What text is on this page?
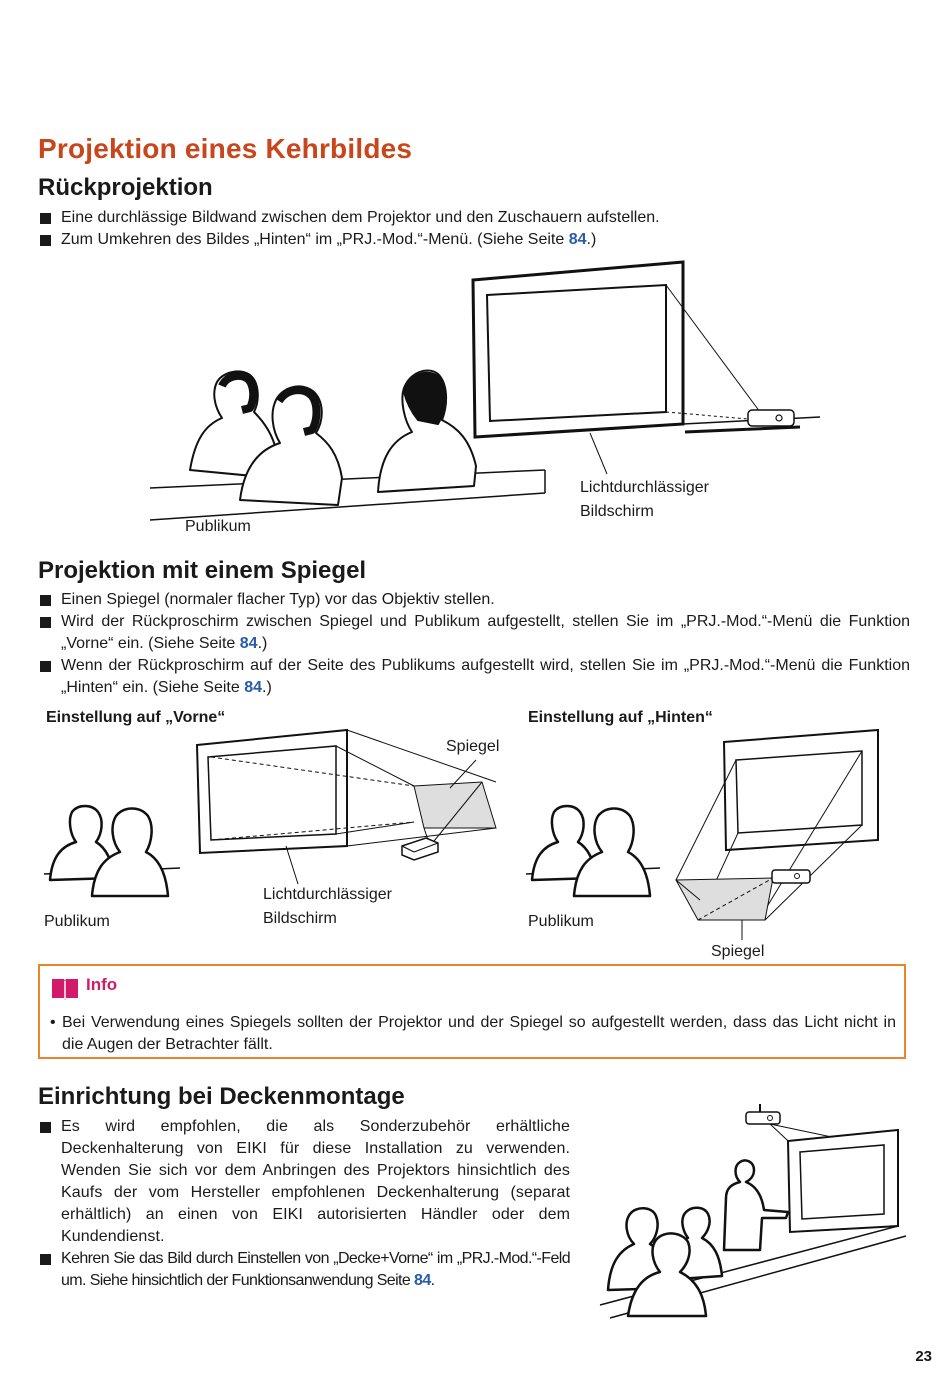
Projektion eines Kehrbildes
Rückprojektion
Eine durchlässige Bildwand zwischen dem Projektor und den Zuschauern aufstellen.
Zum Umkehren des Bildes „Hinten“ im „PRJ.-Mod.“-Menü. (Siehe Seite 84.)
Publikum
Lichtdurchlässiger
Bildschirm
Projektion mit einem Spiegel
Einen Spiegel (normaler flacher Typ) vor das Objektiv stellen.
Wird der Rückproschirm zwischen Spiegel und Publikum aufgestellt, stellen Sie im „PRJ.-Mod.“-Menü die Funktion „Vorne“ ein. (Siehe Seite 84.)
Wenn der Rückproschirm auf der Seite des Publikums aufgestellt wird, stellen Sie im „PRJ.-Mod.“-Menü die Funktion „Hinten“ ein. (Siehe Seite 84.)
Einstellung auf „Vorne“	Einstellung auf „Hinten“
Spiegel
Lichtdurchlässiger
Bildschirm
Publikum	Publikum
Spiegel
Info
• Bei Verwendung eines Spiegels sollten der Projektor und der Spiegel so aufgestellt werden, dass das Licht nicht in die Augen der Betrachter fällt.
Einrichtung bei Deckenmontage
Es wird empfohlen, die als Sonderzubehör erhältliche Deckenhalterung von EIKI für diese Installation zu verwenden. Wenden Sie sich vor dem Anbringen des Projektors hinsichtlich des Kaufs der vom Hersteller empfohlenen Deckenhalterung (separat erhältlich) an einen von EIKI autorisierten Händler oder dem Kundendienst.
Kehren Sie das Bild durch Einstellen von „Decke+Vorne“ im „PRJ.-Mod.“-Feld um. Siehe hinsichtlich der Funktionsanwendung Seite 84.
23
